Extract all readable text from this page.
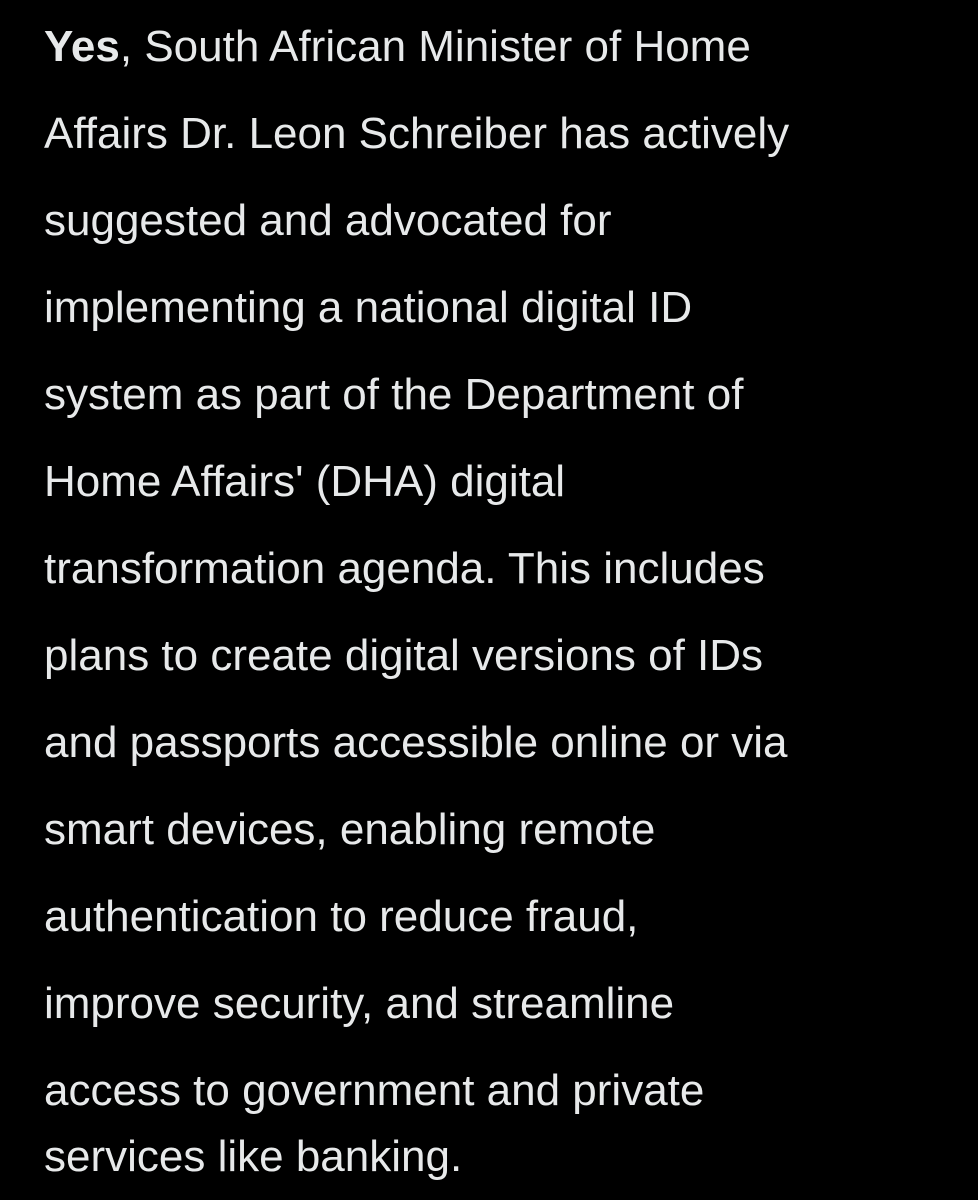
Yes, South African Minister of Home
Affairs Dr. Leon Schreiber has actively
suggested and advocated for
implementing a national digital ID
system as part of the Department of
Home Affairs' (DHA) digital
transformation agenda. This includes
plans to create digital versions of IDs
and passports accessible online or via
smart devices, enabling remote
authentication to reduce fraud,
improve security, and streamline
access to government and private
services like banking.
